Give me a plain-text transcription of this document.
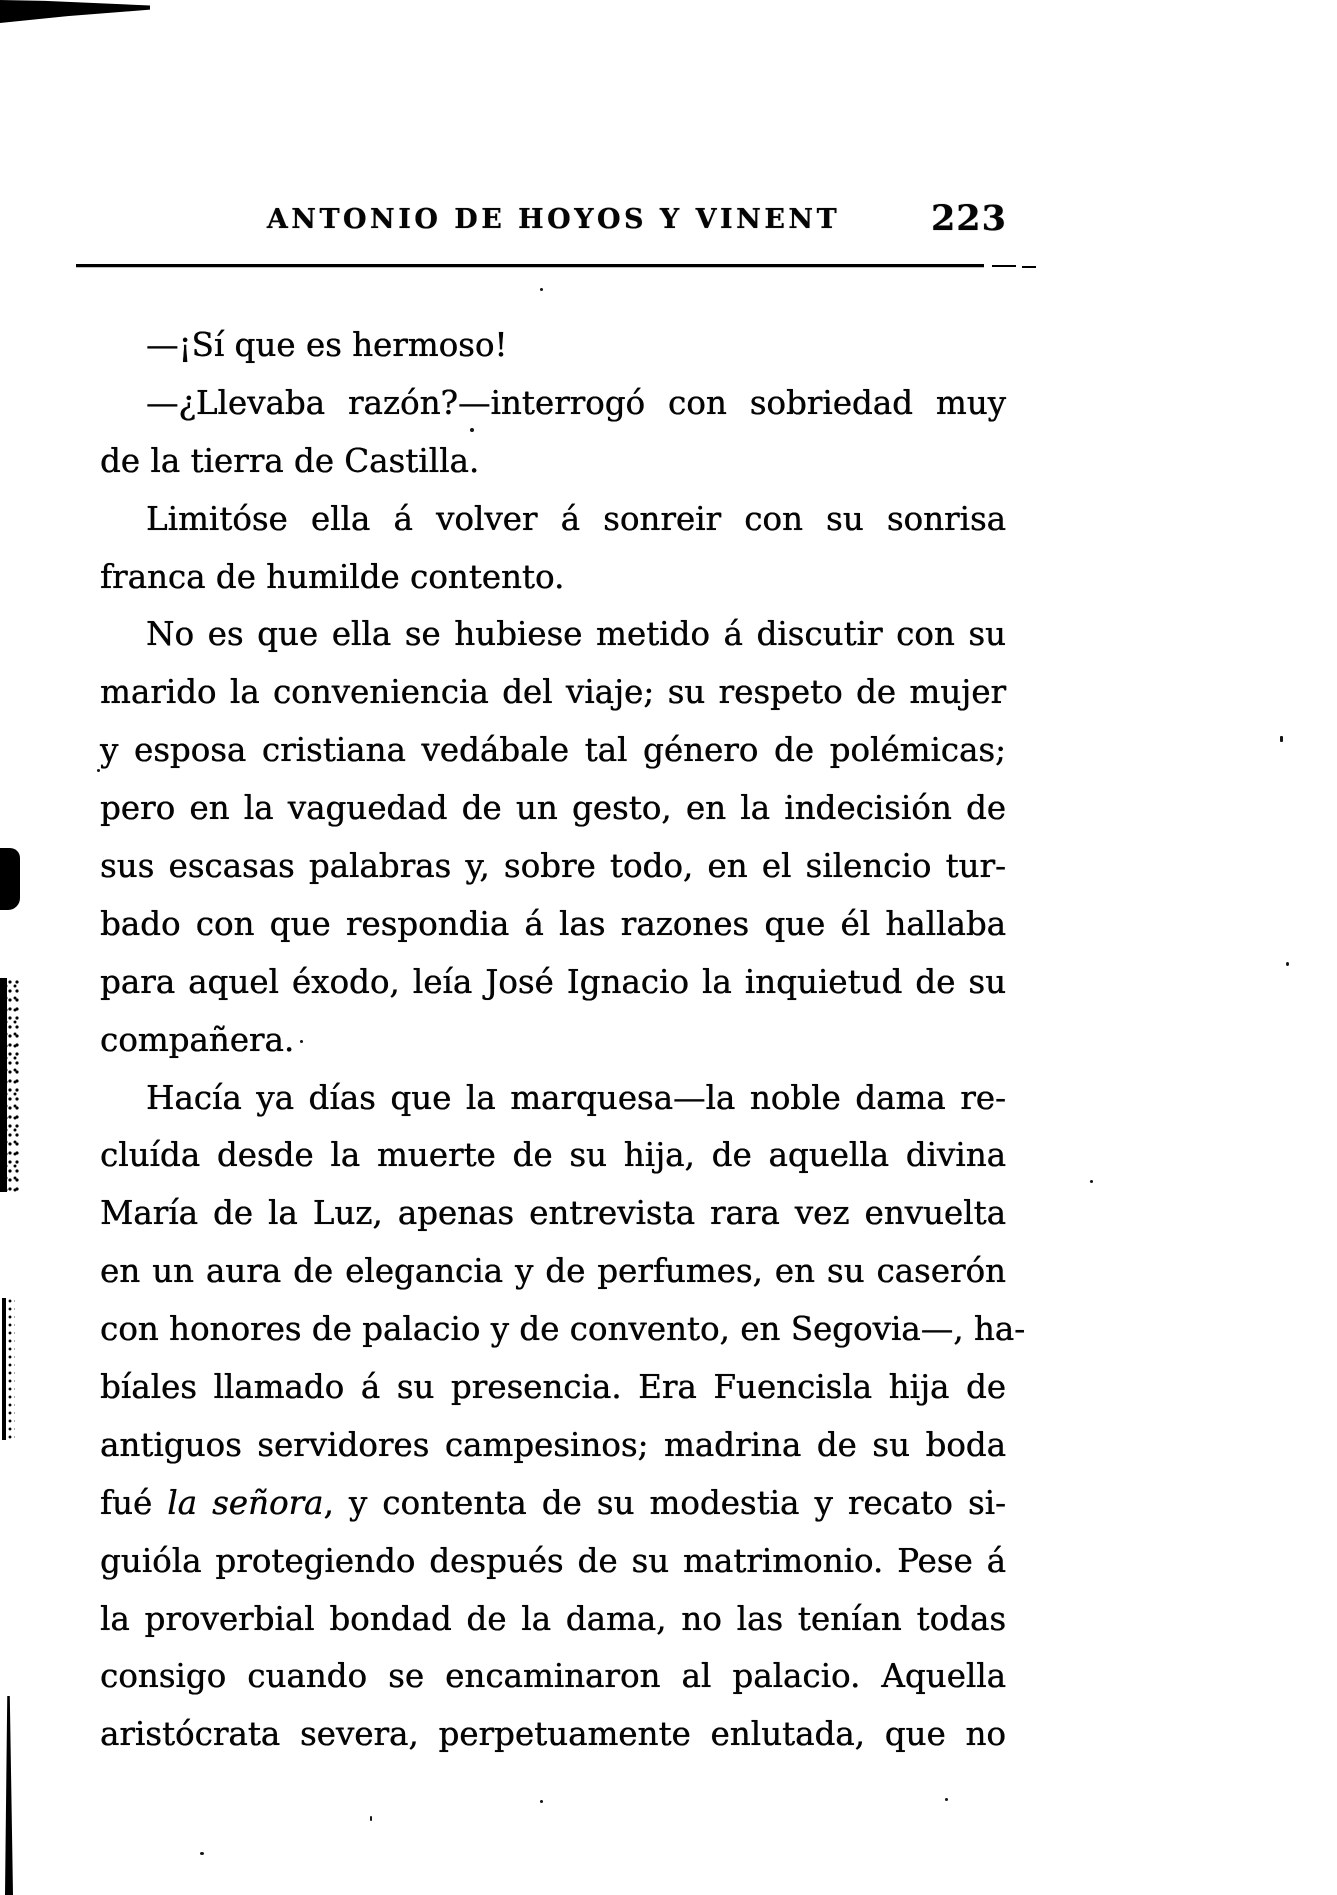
ANTONIO DE HOYOS Y VINENT	223
—¡Sí que es hermoso!
—¿Llevaba razón?—interrogó con sobriedad muy
de la tierra de Castilla.
Limitóse ella á volver á sonreir con su sonrisa
franca de humilde contento.
No es que ella se hubiese metido á discutir con su
marido la conveniencia del viaje; su respeto de mujer
y esposa cristiana vedábale tal género de polémicas;
pero en la vaguedad de un gesto, en la indecisión de
sus escasas palabras y, sobre todo, en el silencio tur-
bado con que respondia á las razones que él hallaba
para aquel éxodo, leía José Ignacio la inquietud de su
compañera.
Hacía ya días que la marquesa—la noble dama re-
cluída desde la muerte de su hija, de aquella divina
María de la Luz, apenas entrevista rara vez envuelta
en un aura de elegancia y de perfumes, en su caserón
con honores de palacio y de convento, en Segovia—, ha-
bíales llamado á su presencia. Era Fuencisla hija de
antiguos servidores campesinos; madrina de su boda
fué la señora, y contenta de su modestia y recato si-
guióla protegiendo después de su matrimonio. Pese á
la proverbial bondad de la dama, no las tenían todas
consigo cuando se encaminaron al palacio. Aquella
aristócrata severa, perpetuamente enlutada, que no
